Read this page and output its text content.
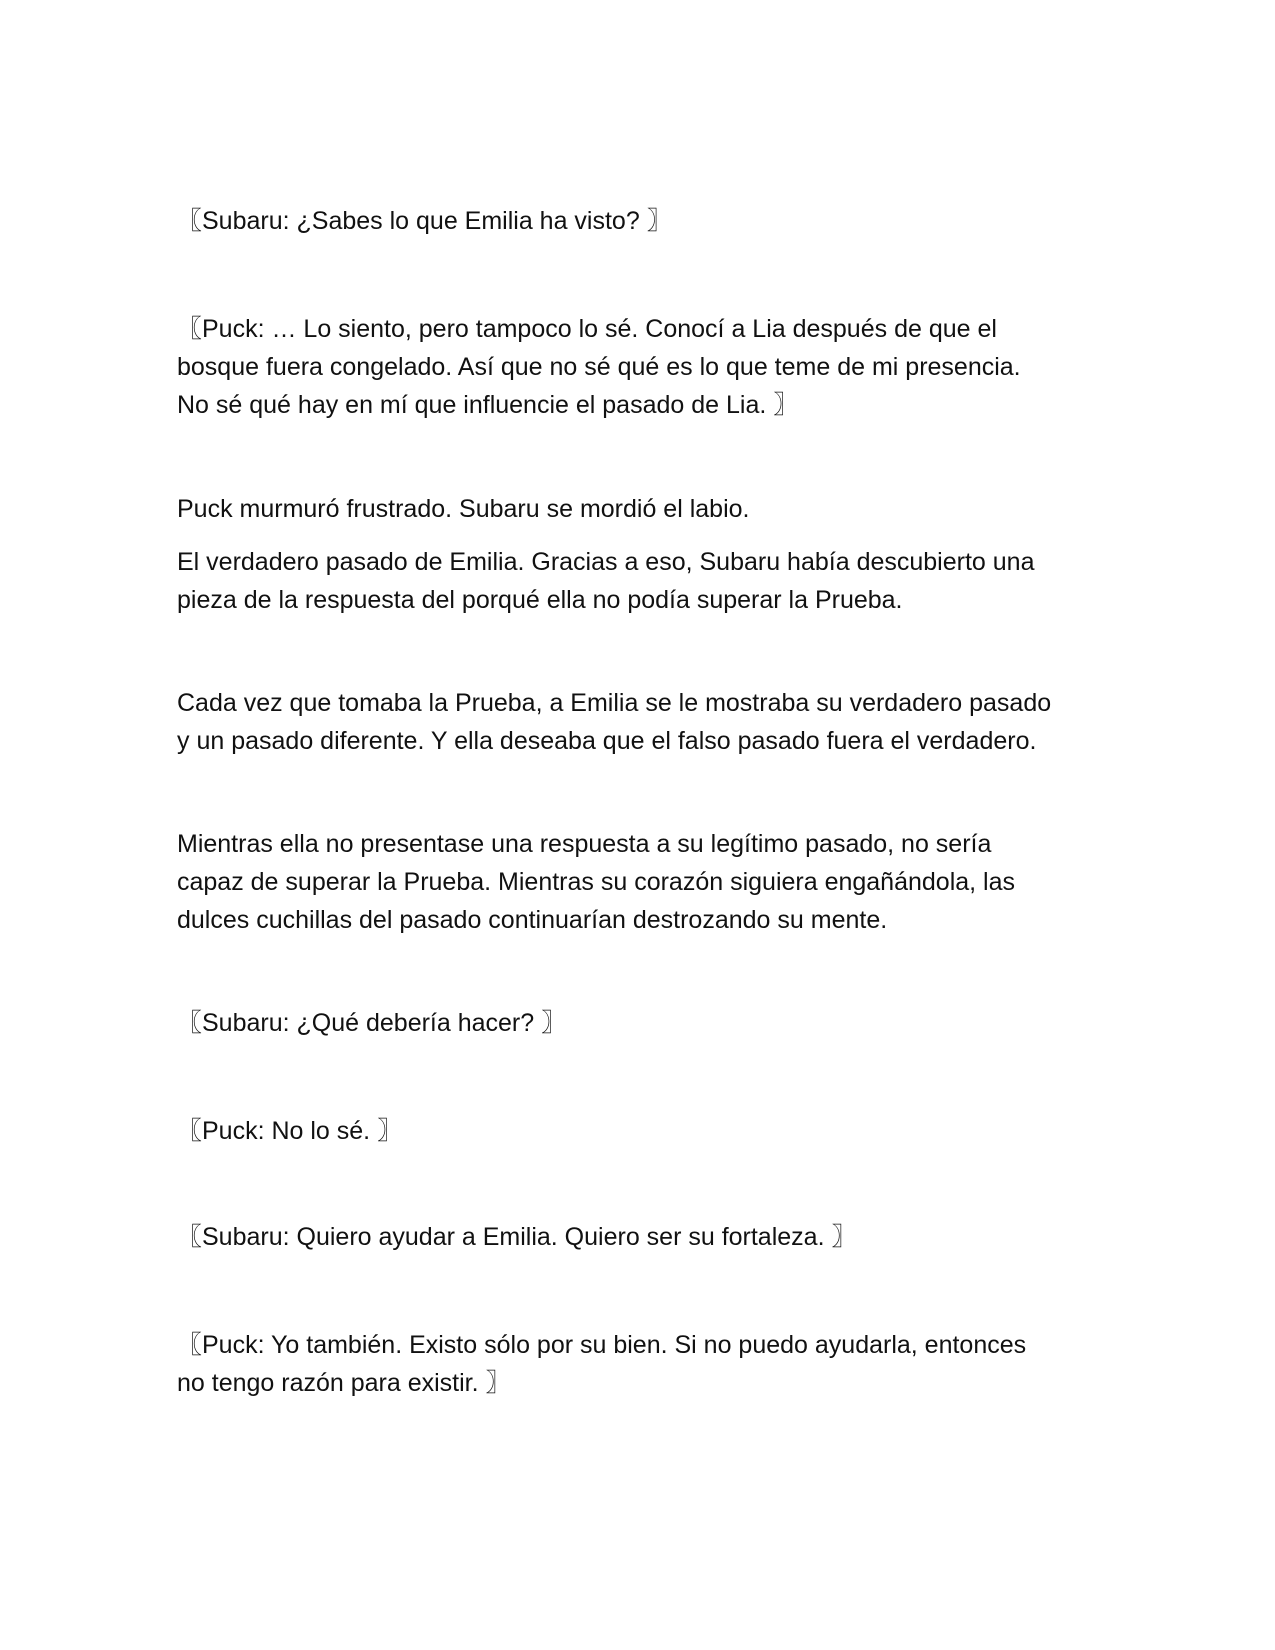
〖Subaru: ¿Sabes lo que Emilia ha visto? 〗

〖Puck: … Lo siento, pero tampoco lo sé. Conocí a Lia después de que el
bosque fuera congelado. Así que no sé qué es lo que teme de mi presencia.
No sé qué hay en mí que influencie el pasado de Lia. 〗

Puck murmuró frustrado. Subaru se mordió el labio.

El verdadero pasado de Emilia. Gracias a eso, Subaru había descubierto una
pieza de la respuesta del porqué ella no podía superar la Prueba.

Cada vez que tomaba la Prueba, a Emilia se le mostraba su verdadero pasado
y un pasado diferente. Y ella deseaba que el falso pasado fuera el verdadero.

Mientras ella no presentase una respuesta a su legítimo pasado, no sería
capaz de superar la Prueba. Mientras su corazón siguiera engañándola, las
dulces cuchillas del pasado continuarían destrozando su mente.

〖Subaru: ¿Qué debería hacer? 〗

〖Puck: No lo sé. 〗

〖Subaru: Quiero ayudar a Emilia. Quiero ser su fortaleza. 〗

〖Puck: Yo también. Existo sólo por su bien. Si no puedo ayudarla, entonces
no tengo razón para existir. 〗
